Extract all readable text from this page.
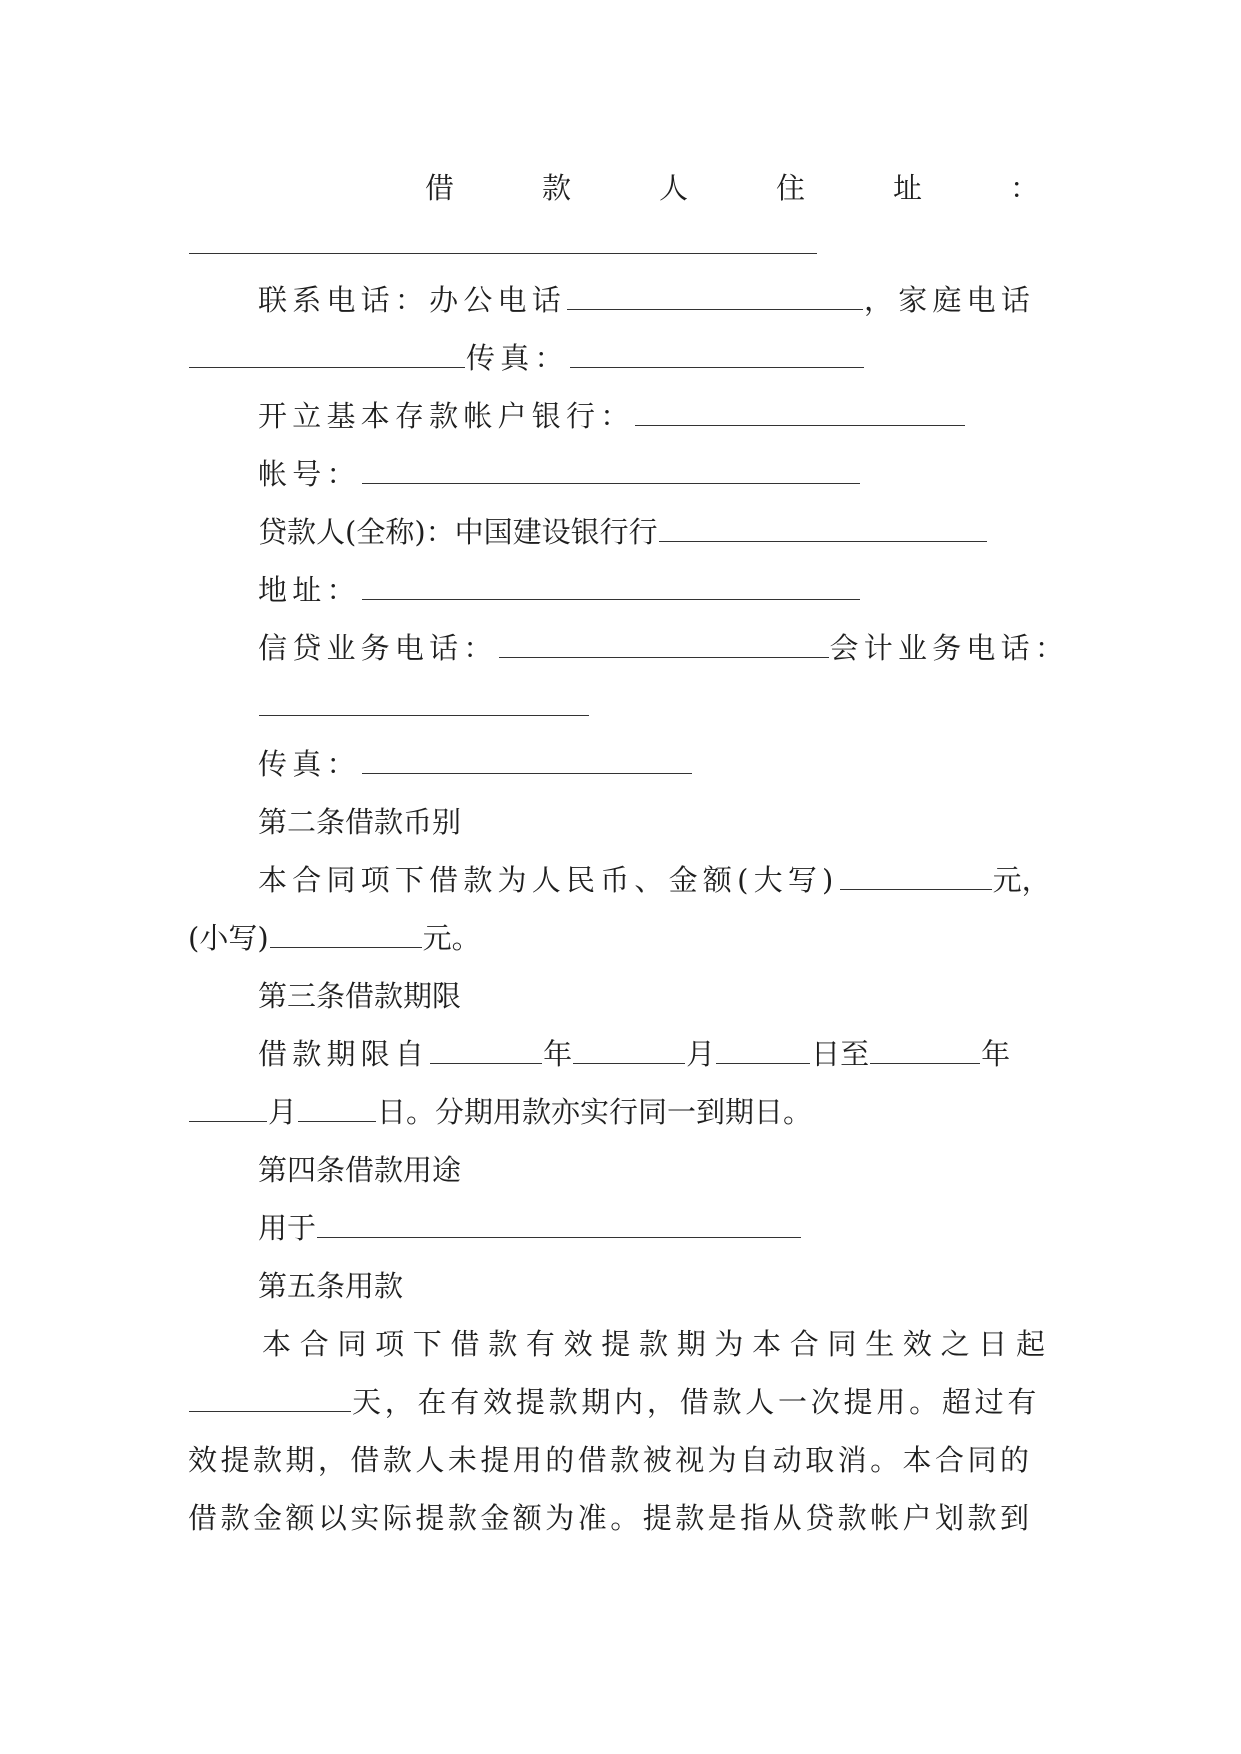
借款人住址：
联系电话：办公电话	，家庭电话
传真：
开立基本存款帐户银行：
帐号：
贷款人(全称)：中国建设银行行
地址：
信贷业务电话：	会计业务电话：
传真：
第二条借款币别
本合同项下借款为人民币、金额(大写)	元，
(小写)	元。
第三条借款期限
借款期限自	年	月	日至	年
月	日。分期用款亦实行同一到期日。
第四条借款用途
用于
第五条用款
本合同项下借款有效提款期为本合同生效之日起
天，在有效提款期内，借款人一次提用。超过有
效提款期，借款人未提用的借款被视为自动取消。本合同的
借款金额以实际提款金额为准。提款是指从贷款帐户划款到
